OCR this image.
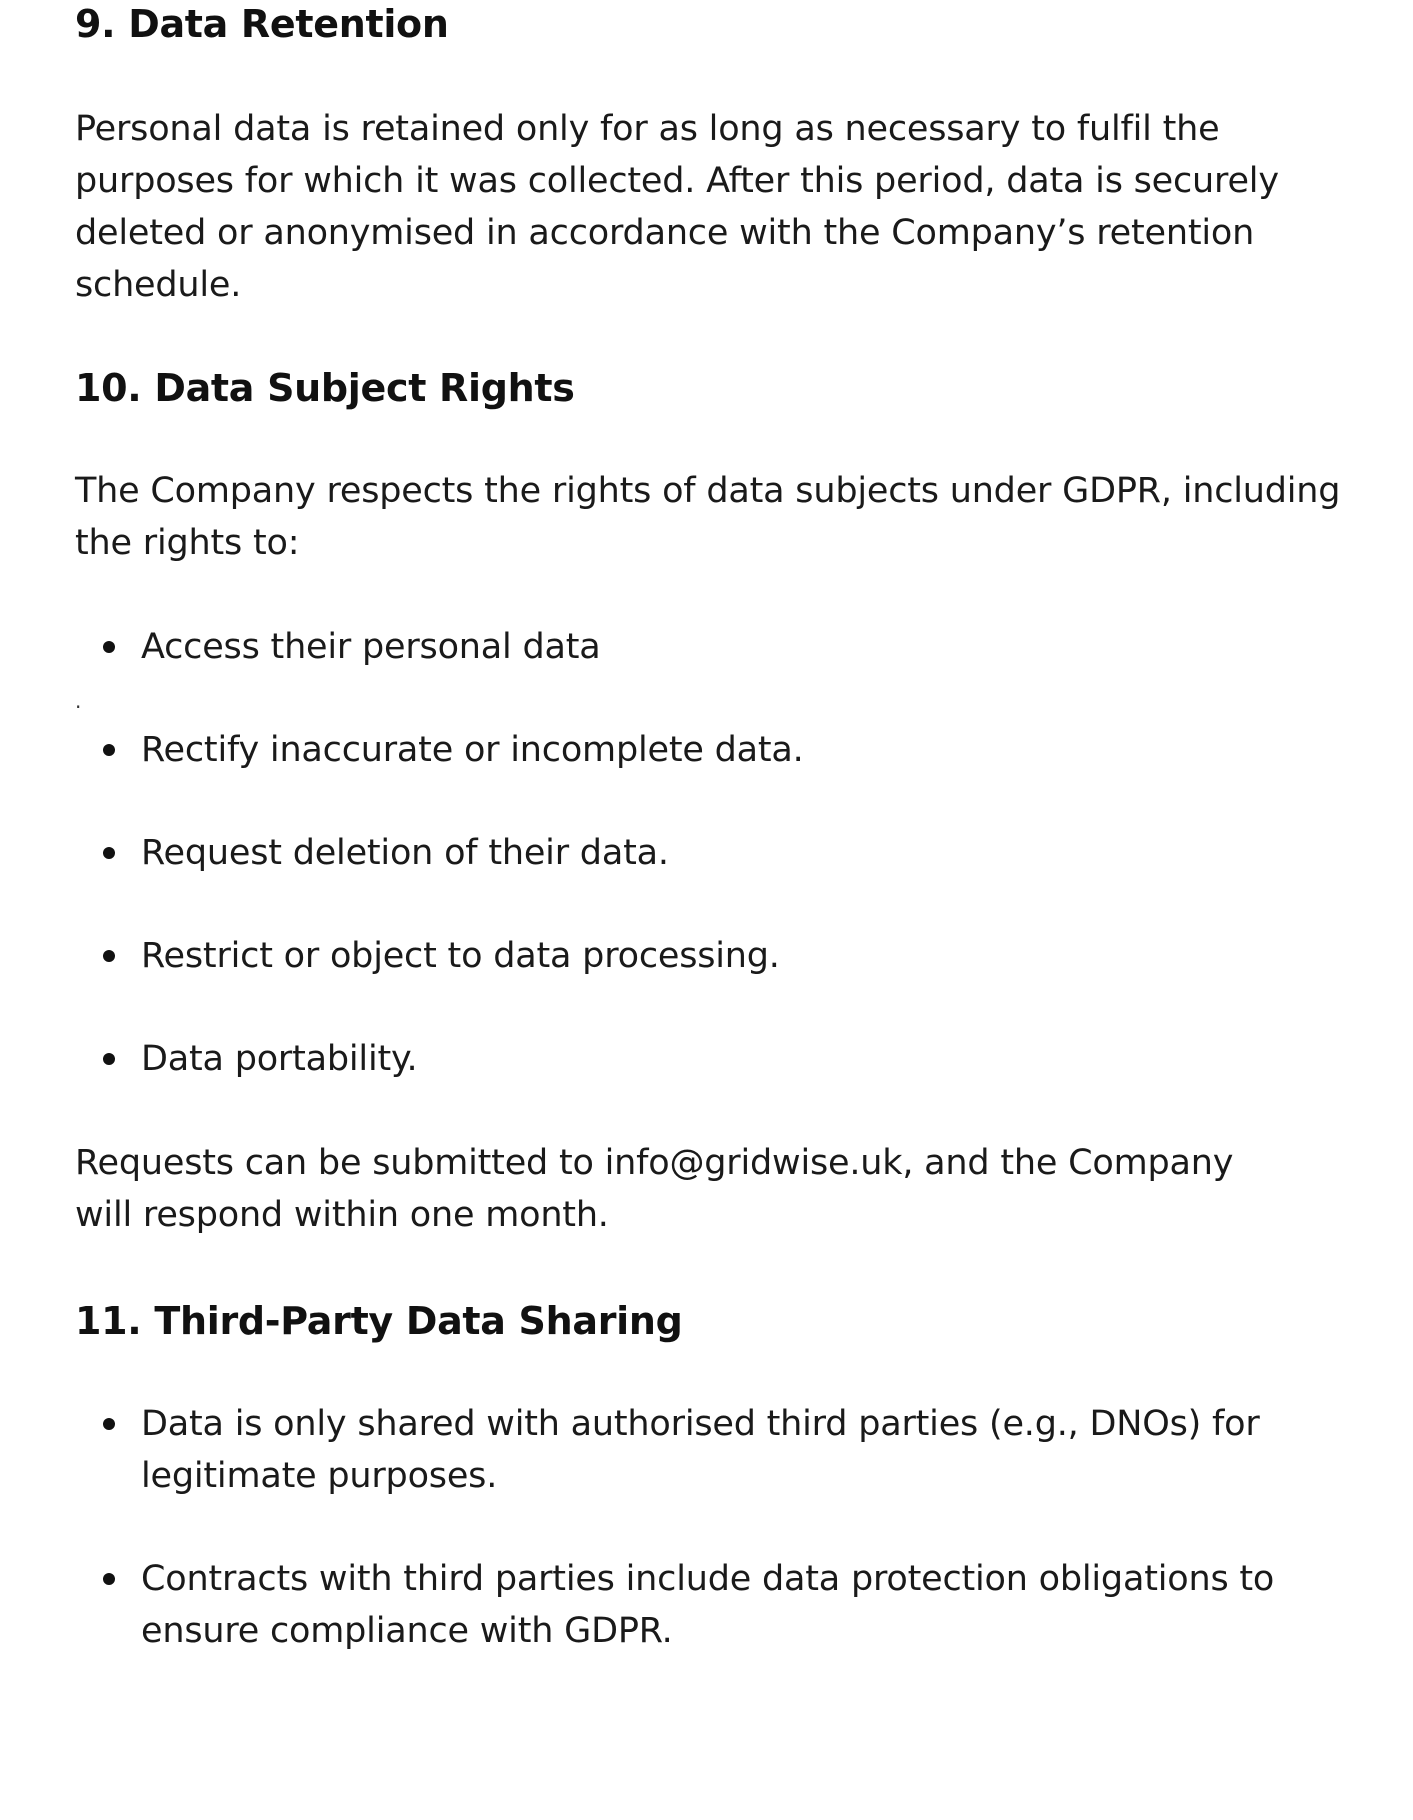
9. Data Retention

Personal data is retained only for as long as necessary to fulfil the purposes for which it was collected. After this period, data is securely deleted or anonymised in accordance with the Company’s retention schedule.

10. Data Subject Rights

The Company respects the rights of data subjects under GDPR, including the rights to:

Access their personal data
.
Rectify inaccurate or incomplete data.
Request deletion of their data.
Restrict or object to data processing.
Data portability.

Requests can be submitted to info@gridwise.uk, and the Company will respond within one month.

11. Third-Party Data Sharing
Data is only shared with authorised third parties (e.g., DNOs) for legitimate purposes.
Contracts with third parties include data protection obligations to ensure compliance with GDPR.
